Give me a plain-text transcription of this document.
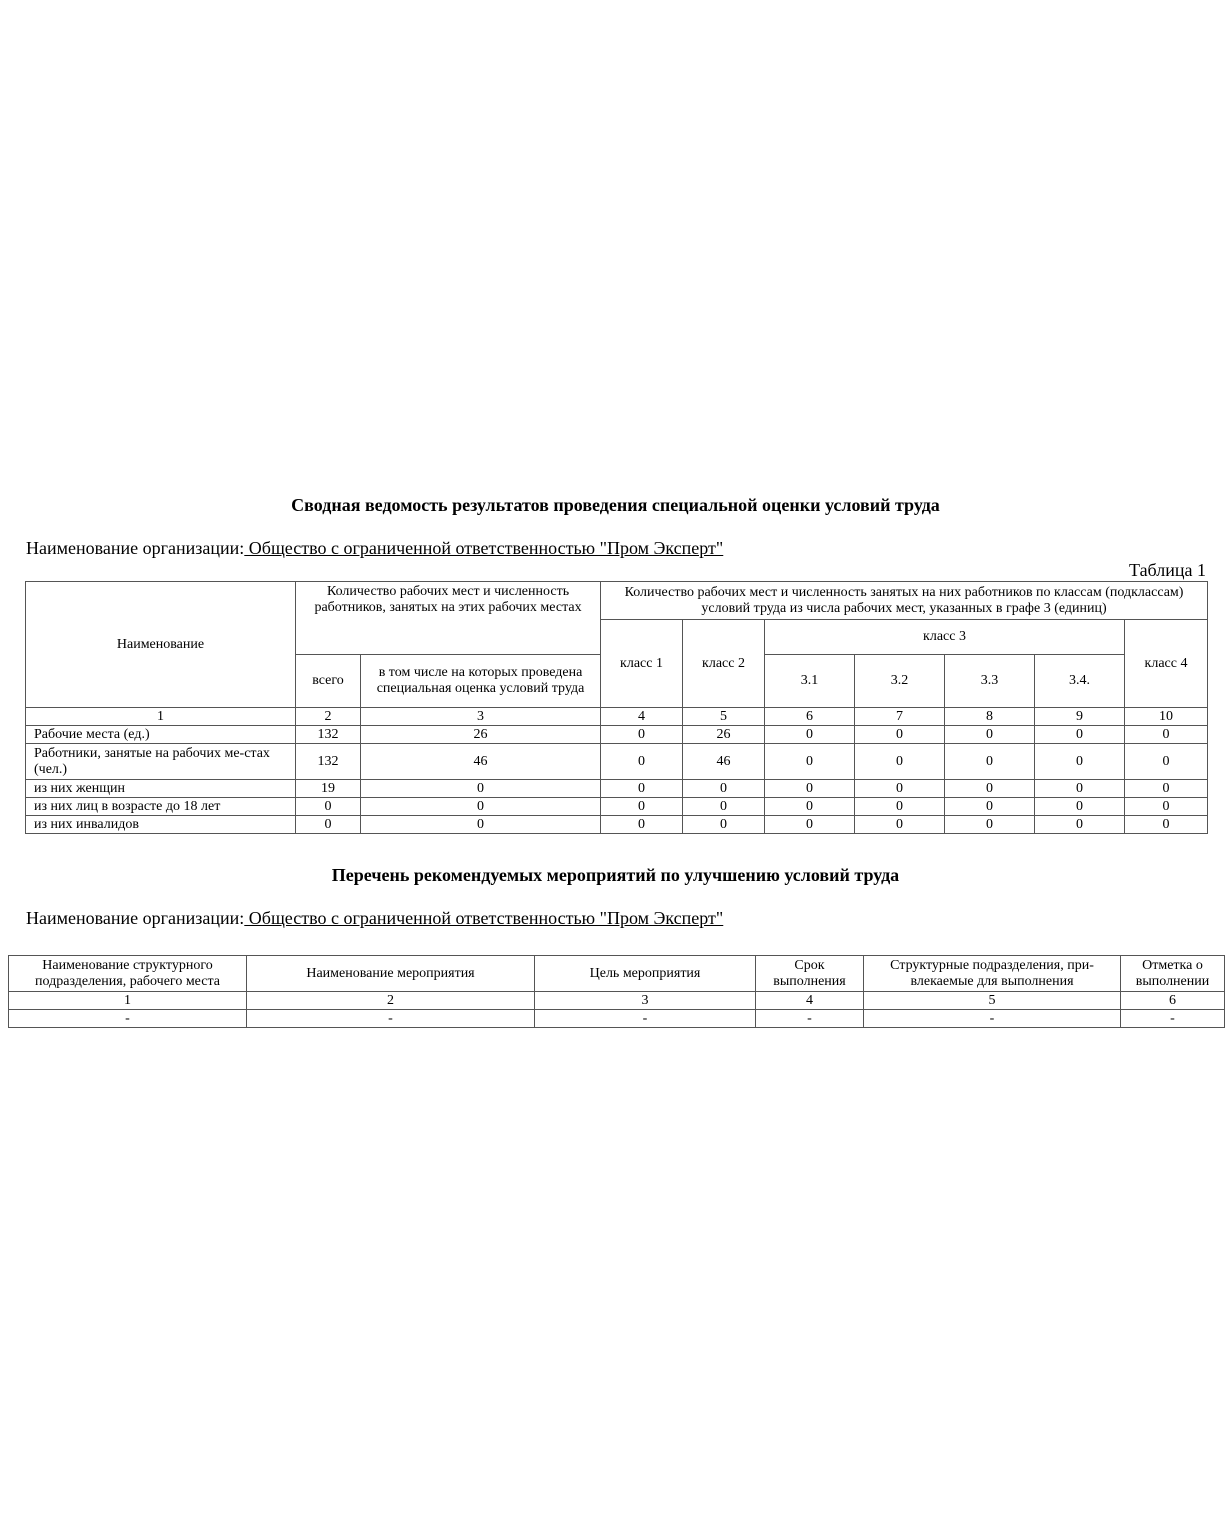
Сводная ведомость результатов проведения специальной оценки условий труда
Наименование организации: Общество с ограниченной ответственностью "Пром Эксперт"
Таблица 1
Наименование	Количество рабочих мест и численность работников, занятых на этих рабочих местах		Количество рабочих мест и численность занятых на них работников по классам (подклассам) условий труда из числа рабочих мест, указанных в графе 3 (единиц)						
			класс 1	класс 2	класс 3				класс 4
	всего	в том числе на которых проведена специальная оценка условий труда			3.1	3.2	3.3	3.4.	
1	2	3	4	5	6	7	8	9	10
Рабочие места (ед.)	132	26	0	26	0	0	0	0	0
Работники, занятые на рабочих ме-стах (чел.)	132	46	0	46	0	0	0	0	0
из них женщин	19	0	0	0	0	0	0	0	0
из них лиц в возрасте до 18 лет	0	0	0	0	0	0	0	0	0
из них инвалидов	0	0	0	0	0	0	0	0	0
Перечень рекомендуемых мероприятий по улучшению условий труда
Наименование организации: Общество с ограниченной ответственностью "Пром Эксперт"
Наименование структурного подразделения, рабочего места	Наименование мероприятия	Цель мероприятия	Срок выполнения	Структурные подразделения, при-влекаемые для выполнения	Отметка о выполнении
1	2	3	4	5	6
-	-	-	-	-	-
